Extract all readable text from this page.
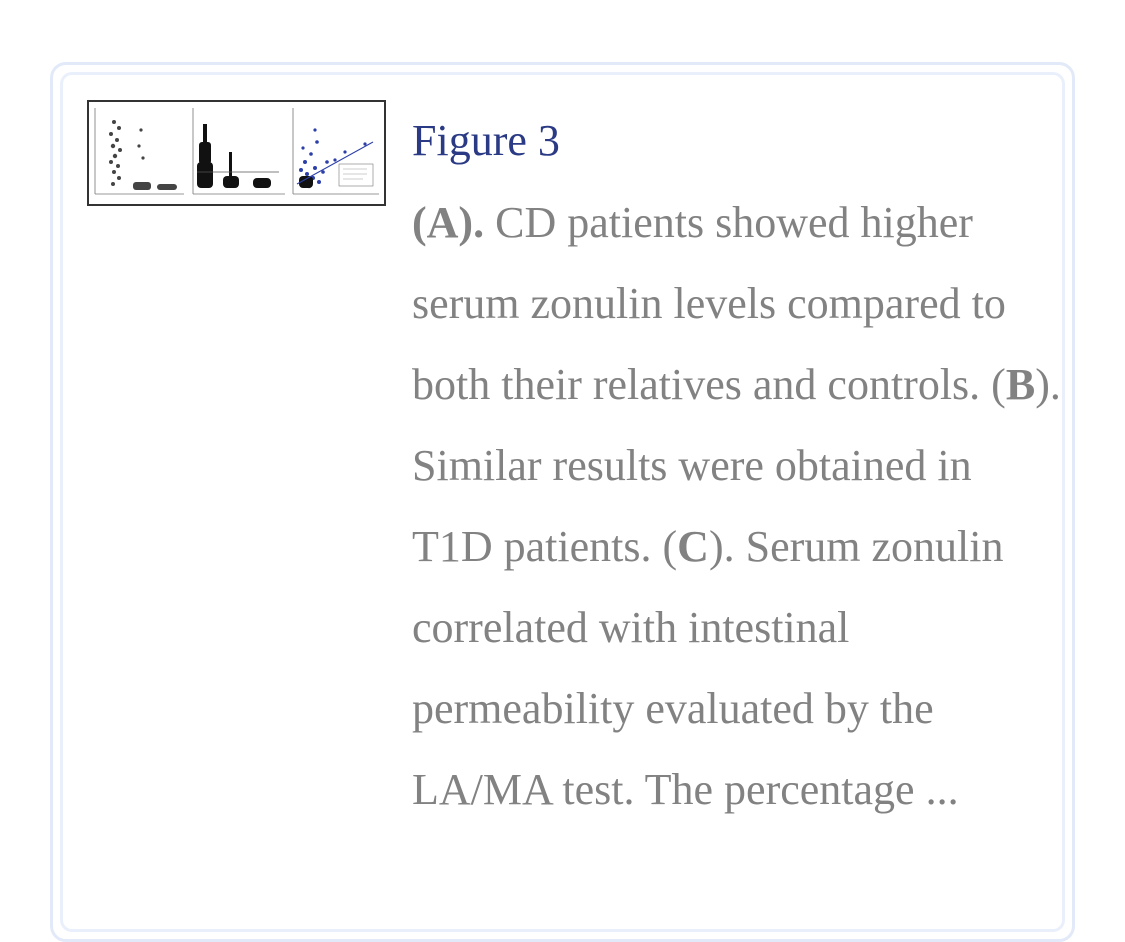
Figure 3

(A). CD patients showed higher serum zonulin levels compared to both their relatives and controls. (B). Similar results were obtained in T1D patients. (C). Serum zonulin correlated with intestinal permeability evaluated by the LA/MA test. The percentage ...
